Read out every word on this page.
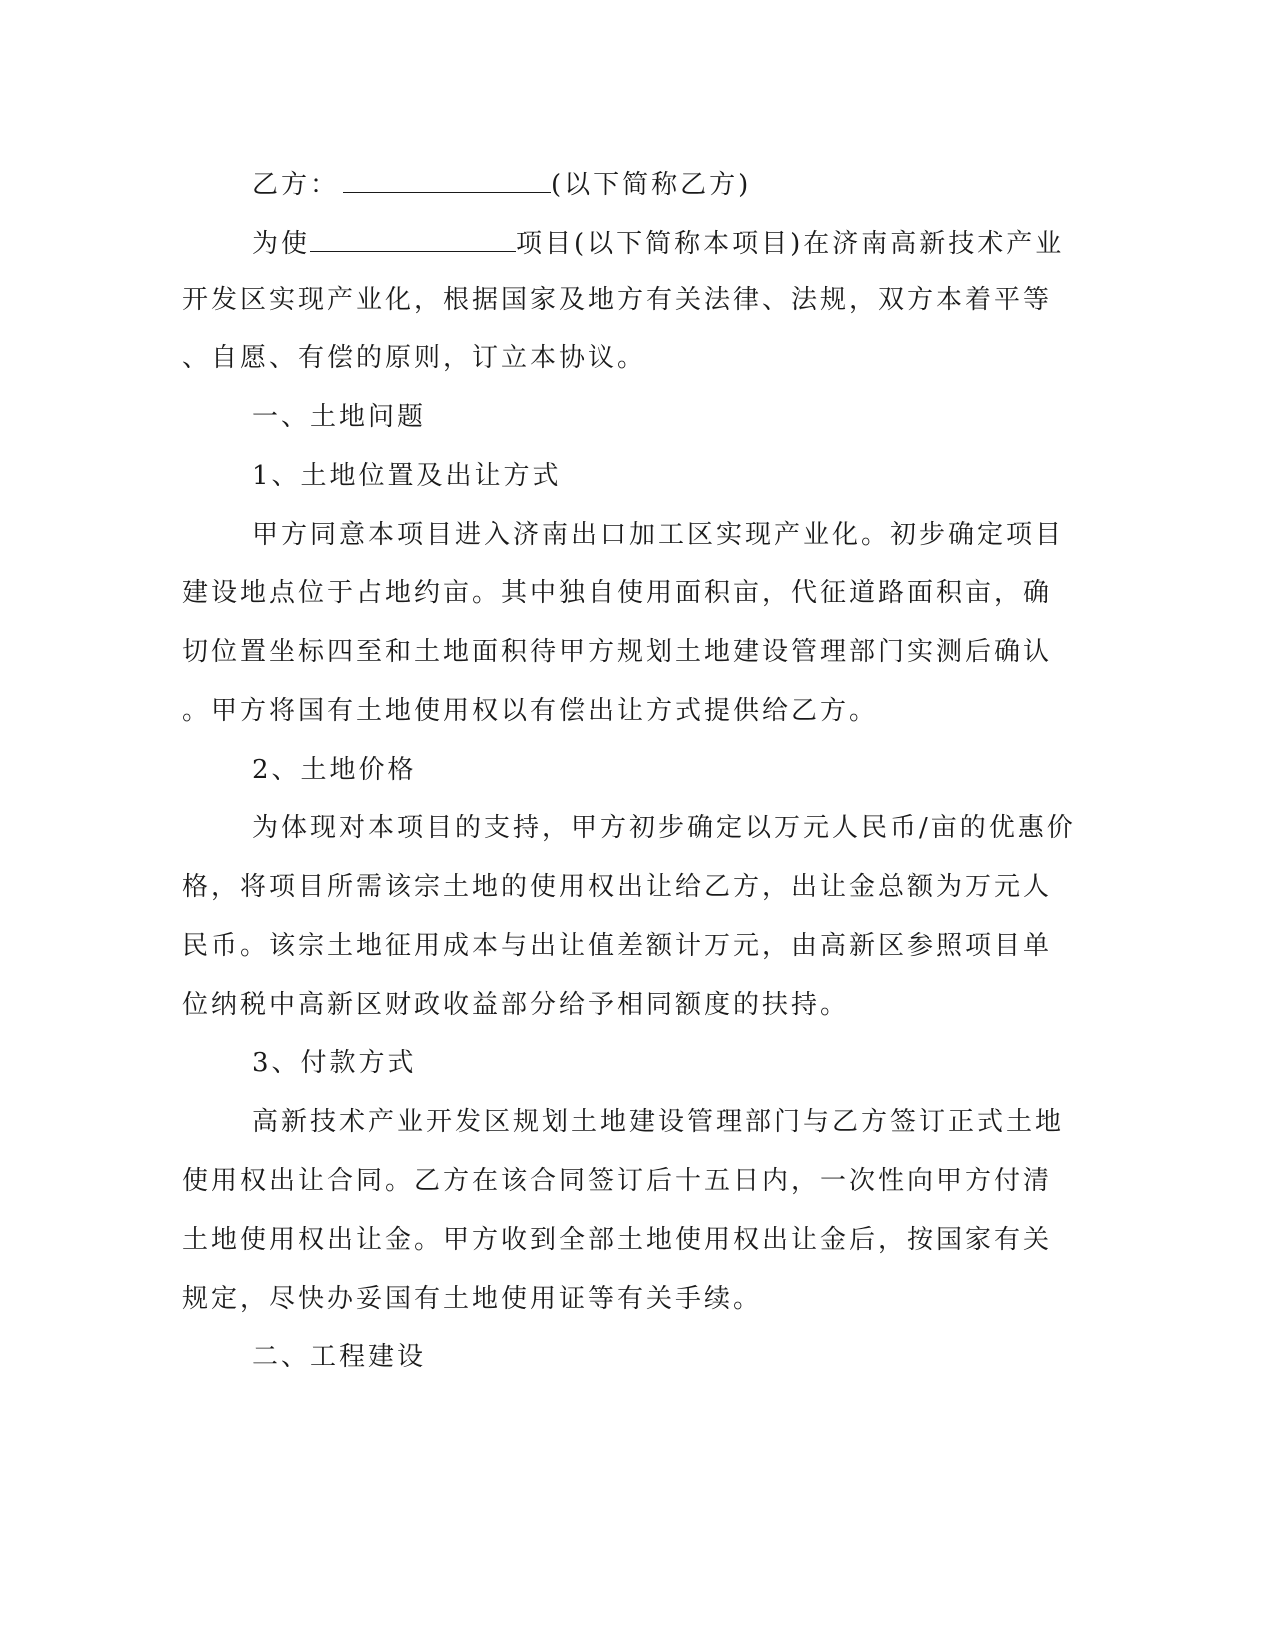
乙方：	(以下简称乙方)
为使	项目(以下简称本项目)在济南高新技术产业
开发区实现产业化，根据国家及地方有关法律、法规，双方本着平等
、自愿、有偿的原则，订立本协议。
一、土地问题
1、土地位置及出让方式
甲方同意本项目进入济南出口加工区实现产业化。初步确定项目
建设地点位于占地约亩。其中独自使用面积亩，代征道路面积亩，确
切位置坐标四至和土地面积待甲方规划土地建设管理部门实测后确认
。甲方将国有土地使用权以有偿出让方式提供给乙方。
2、土地价格
为体现对本项目的支持，甲方初步确定以万元人民币/亩的优惠价
格，将项目所需该宗土地的使用权出让给乙方，出让金总额为万元人
民币。该宗土地征用成本与出让值差额计万元，由高新区参照项目单
位纳税中高新区财政收益部分给予相同额度的扶持。
3、付款方式
高新技术产业开发区规划土地建设管理部门与乙方签订正式土地
使用权出让合同。乙方在该合同签订后十五日内，一次性向甲方付清
土地使用权出让金。甲方收到全部土地使用权出让金后，按国家有关
规定，尽快办妥国有土地使用证等有关手续。
二、工程建设
